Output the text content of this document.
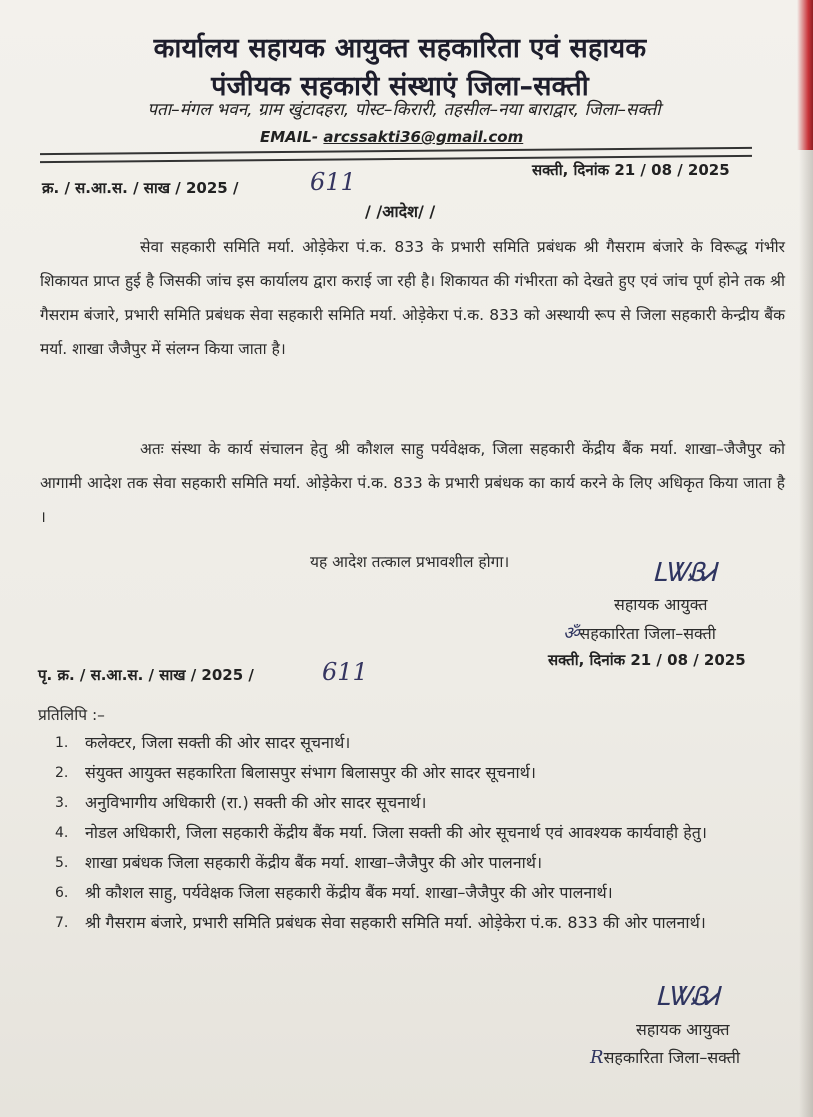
कार्यालय सहायक आयुक्त सहकारिता एवं सहायक
पंजीयक सहकारी संस्थाएं जिला–सक्ती
पता–मंगल भवन, ग्राम खुंटादहरा, पोस्ट–किरारी, तहसील–नया बाराद्वार, जिला–सक्ती
EMAIL- arcssakti36@gmail.com
क्र. / स.आ.स. / साख / 2025 /	611	सक्ती, दिनांक 21 / 08 / 2025
/ /आदेश/ /
सेवा सहकारी समिति मर्या. ओड़ेकेरा पं.क. 833 के प्रभारी समिति प्रबंधक श्री गैसराम बंजारे के विरूद्ध गंभीर शिकायत प्राप्त हुई है जिसकी जांच इस कार्यालय द्वारा कराई जा रही है। शिकायत की गंभीरता को देखते हुए एवं जांच पूर्ण होने तक श्री गैसराम बंजारे, प्रभारी समिति प्रबंधक सेवा सहकारी समिति मर्या. ओड़ेकेरा पं.क. 833 को अस्थायी रूप से जिला सहकारी केन्द्रीय बैंक मर्या. शाखा जैजैपुर में संलग्न किया जाता है।
अतः संस्था के कार्य संचालन हेतु श्री कौशल साहु पर्यवेक्षक, जिला सहकारी केंद्रीय बैंक मर्या. शाखा–जैजैपुर को आगामी आदेश तक सेवा सहकारी समिति मर्या. ओड़ेकेरा पं.क. 833 के प्रभारी प्रबंधक का कार्य करने के लिए अधिकृत किया जाता है ।
यह आदेश तत्काल प्रभावशील होगा।	ᒪᏔᏰᏗ
सहायक आयुक्त
ॐसहकारिता जिला–सक्ती
सक्ती, दिनांक 21 / 08 / 2025
पृ. क्र. / स.आ.स. / साख / 2025 /	611
प्रतिलिपि :–
1. कलेक्टर, जिला सक्ती की ओर सादर सूचनार्थ।
2. संयुक्त आयुक्त सहकारिता बिलासपुर संभाग बिलासपुर की ओर सादर सूचनार्थ।
3. अनुविभागीय अधिकारी (रा.) सक्ती की ओर सादर सूचनार्थ।
4. नोडल अधिकारी, जिला सहकारी केंद्रीय बैंक मर्या. जिला सक्ती की ओर सूचनार्थ एवं आवश्यक कार्यवाही हेतु।
5. शाखा प्रबंधक जिला सहकारी केंद्रीय बैंक मर्या. शाखा–जैजैपुर की ओर पालनार्थ।
6. श्री कौशल साहु, पर्यवेक्षक जिला सहकारी केंद्रीय बैंक मर्या. शाखा–जैजैपुर की ओर पालनार्थ।
7. श्री गैसराम बंजारे, प्रभारी समिति प्रबंधक सेवा सहकारी समिति मर्या. ओड़ेकेरा पं.क. 833 की ओर पालनार्थ।
ᒪᏔᏰᏗ
सहायक आयुक्त
Rसहकारिता जिला–सक्ती
